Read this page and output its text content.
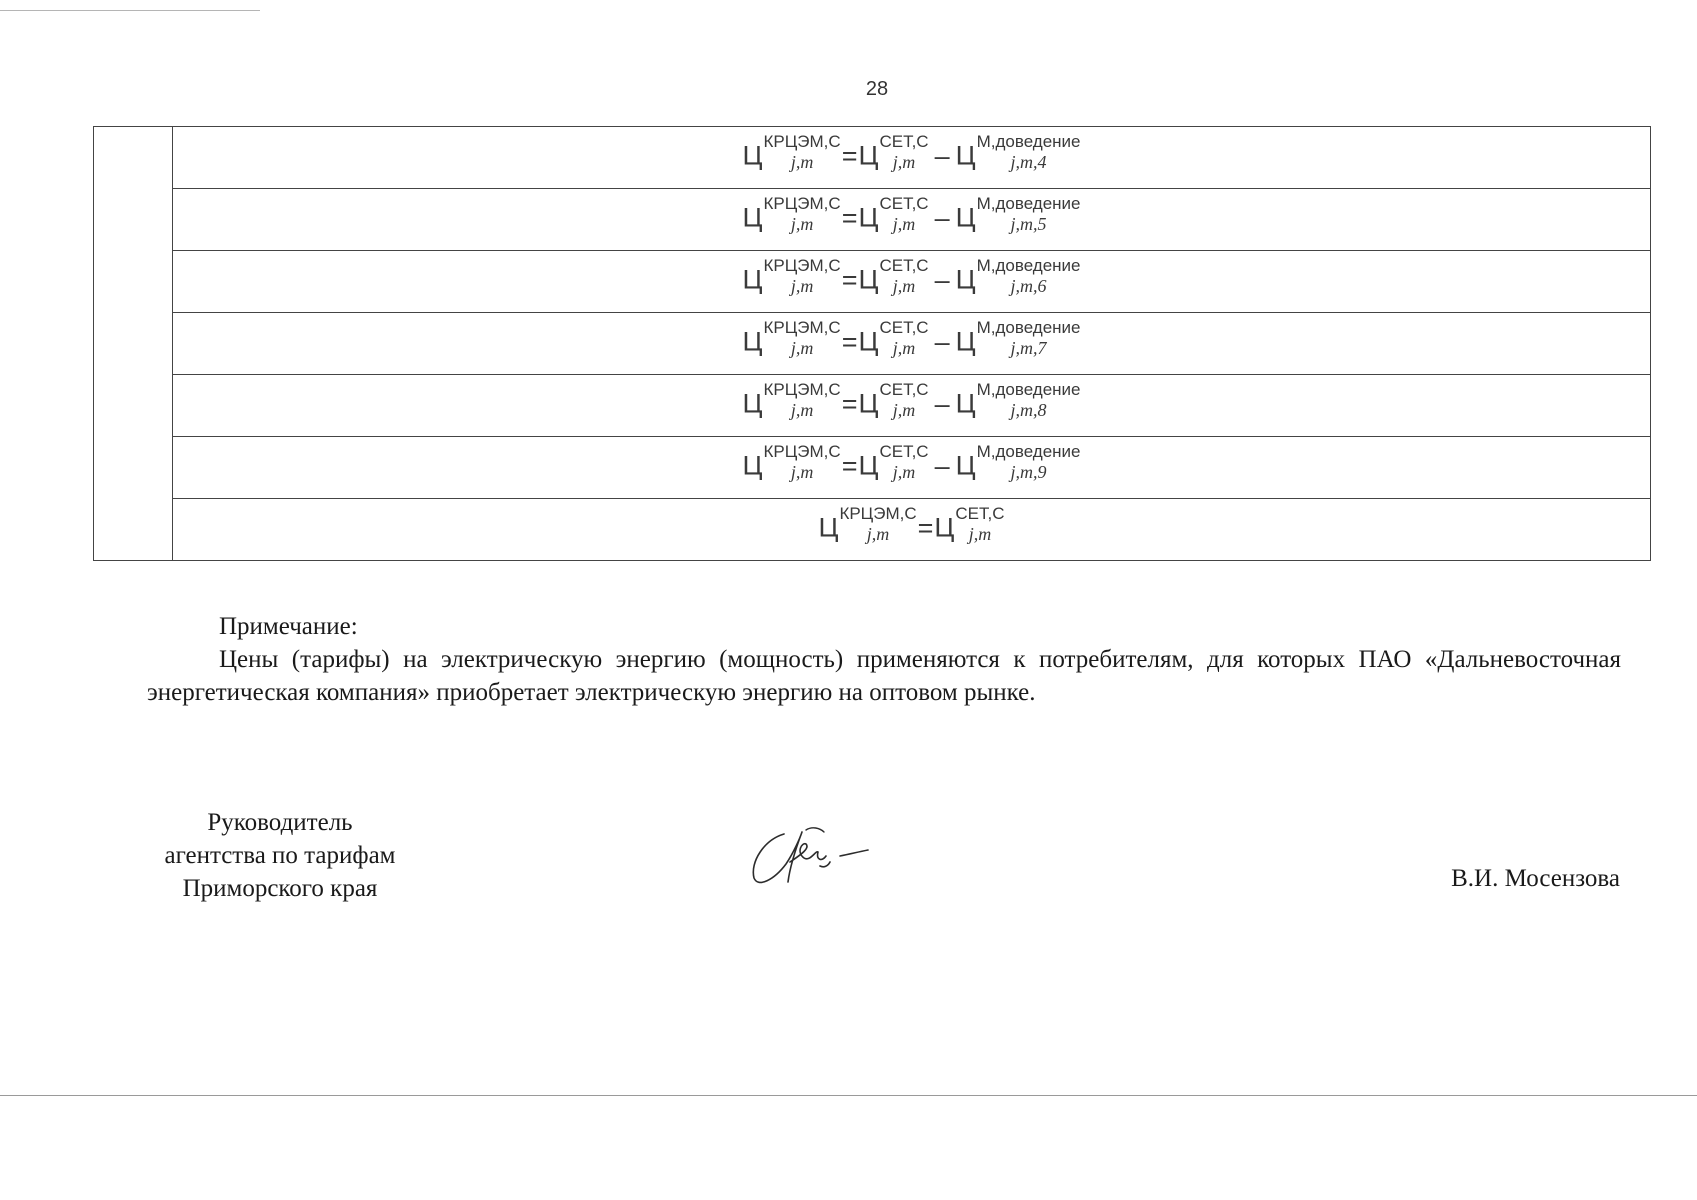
28
	Ц КРЦЭМ,С
j,m	=Ц СЕТ,С
j,m – Ц М,доведение
j,m,4

Ц КРЦЭМ,С
j,m	=Ц СЕТ,С
j,m – Ц М,доведение
j,m,5

Ц КРЦЭМ,С
j,m	=Ц СЕТ,С
j,m – Ц М,доведение
j,m,6

Ц КРЦЭМ,С
j,m	=Ц СЕТ,С
j,m – Ц М,доведение
j,m,7

Ц КРЦЭМ,С
j,m	=Ц СЕТ,С
j,m – Ц М,доведение
j,m,8

Ц КРЦЭМ,С
j,m	=Ц СЕТ,С
j,m – Ц М,доведение
j,m,9

Ц КРЦЭМ,С
j,m	=Ц СЕТ,С
j,m

Примечание:

Цены (тарифы) на электрическую энергию (мощность) применяются к потребителям, для которых ПАО «Дальневосточная энергетическая компания» приобретает электрическую энергию на оптовом рынке.

Руководитель
агентства по тарифам
Приморского края	В.И. Мосензова
